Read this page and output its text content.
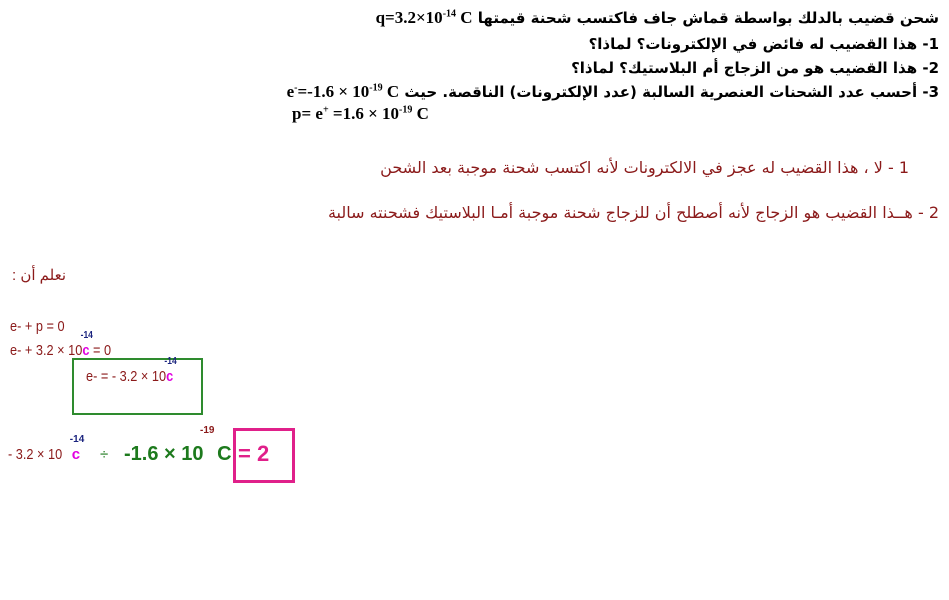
شحن قضيب بالدلك بواسطة قماش جاف فاكتسب شحنة قيمتها $q=3.2\times 10^{-14}$ C
1- هذا القضيب له فائض في الإلكترونات؟ لماذا؟
2- هذا القضيب هو من الزجاج أم البلاستيك؟ لماذا؟
3- أحسب عدد الشحنات العنصرية السالبة (عدد الإلكترونات) الناقصة. حيث $e^-=-1.6 \times 10^{-19}$ C
$p= e^+ =1.6 \times 10^{-19}$ C
1 - لا ، هذا القضيب له عجز في الالكترونات لأنه اكتسب شحنة موجبة بعد الشحن
2 - هــذا القضيب هو الزجاج لأنه أصطلح أن للزجاج شحنة موجبة أمـا البلاستيك فشحنته سالبة
نعلم أن :
e- + p = 0
e- + 3.2 × 10
-14
c = 0
e- = - 3.2 × 10
-14
c
- 3.2 × 10
-14
c ÷ -1.6 × 10
-19
C = 2
